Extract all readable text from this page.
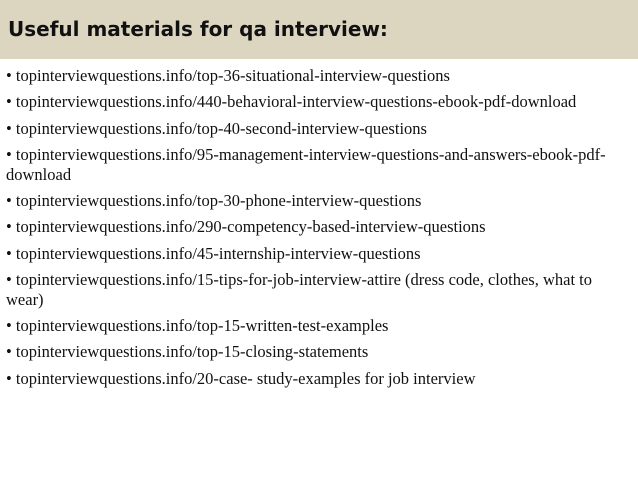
Useful materials for qa interview:
• topinterviewquestions.info/top-36-situational-interview-questions
• topinterviewquestions.info/440-behavioral-interview-questions-ebook-pdf-download
• topinterviewquestions.info/top-40-second-interview-questions
• topinterviewquestions.info/95-management-interview-questions-and-answers-ebook-pdf-download
• topinterviewquestions.info/top-30-phone-interview-questions
• topinterviewquestions.info/290-competency-based-interview-questions
• topinterviewquestions.info/45-internship-interview-questions
• topinterviewquestions.info/15-tips-for-job-interview-attire (dress code, clothes, what to wear)
• topinterviewquestions.info/top-15-written-test-examples
• topinterviewquestions.info/top-15-closing-statements
• topinterviewquestions.info/20-case- study-examples for job interview
